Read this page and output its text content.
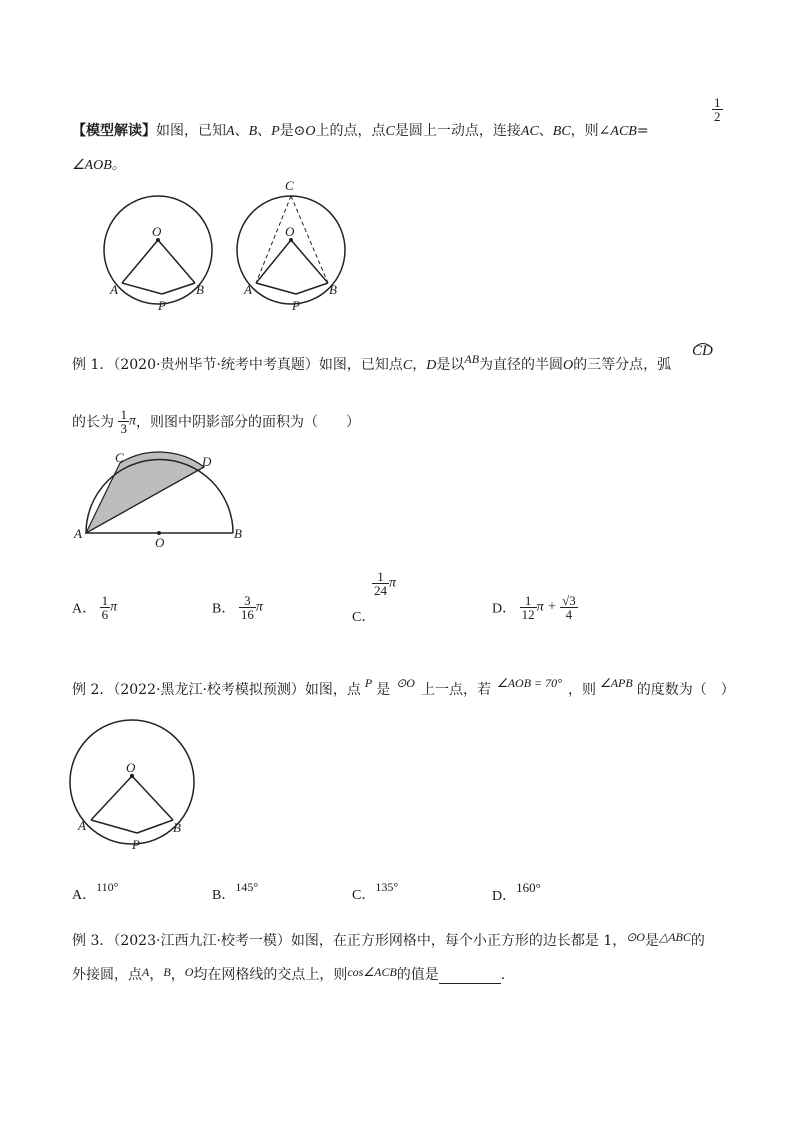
【模型解读】如图，已知A、B、P是⊙O上的点，点C是圆上一动点，连接AC、BC，则∠ACB=
$\frac{1}{2}$
∠AOB。
O
A	B
P
C
O
A	B
P
例 1．（2020·贵州毕节·统考中考真题）如图，已知点C，D是以AB为直径的半圆O的三等分点，弧
CD
的长为 $\frac{1}{3}$ π，则图中阴影部分的面积为（　　）
C	D
A	B
O
A． $\frac{1}{6}$ π	B． $\frac{3}{16}$ π
C．
$\frac{1}{24}$ π
D． $\frac{1}{12}$ $\pi + \frac{√3}{4}$
例 2．（2022·黑龙江·校考模拟预测）如图，点 P 是 ⊙O 上一点，若 ∠AOB = 70° ，则 ∠APB 的度数为（　）
O
A	B
P
A．110°
B．145°
C．135°
D．160°
例 3．（2023·江西九江·校考一模）如图，在正方形网格中，每个小正方形的边长都是 1，⊙O是△ABC的
外接圆，点A，B，O均在网格线的交点上，则cos∠ACB的值是	.
